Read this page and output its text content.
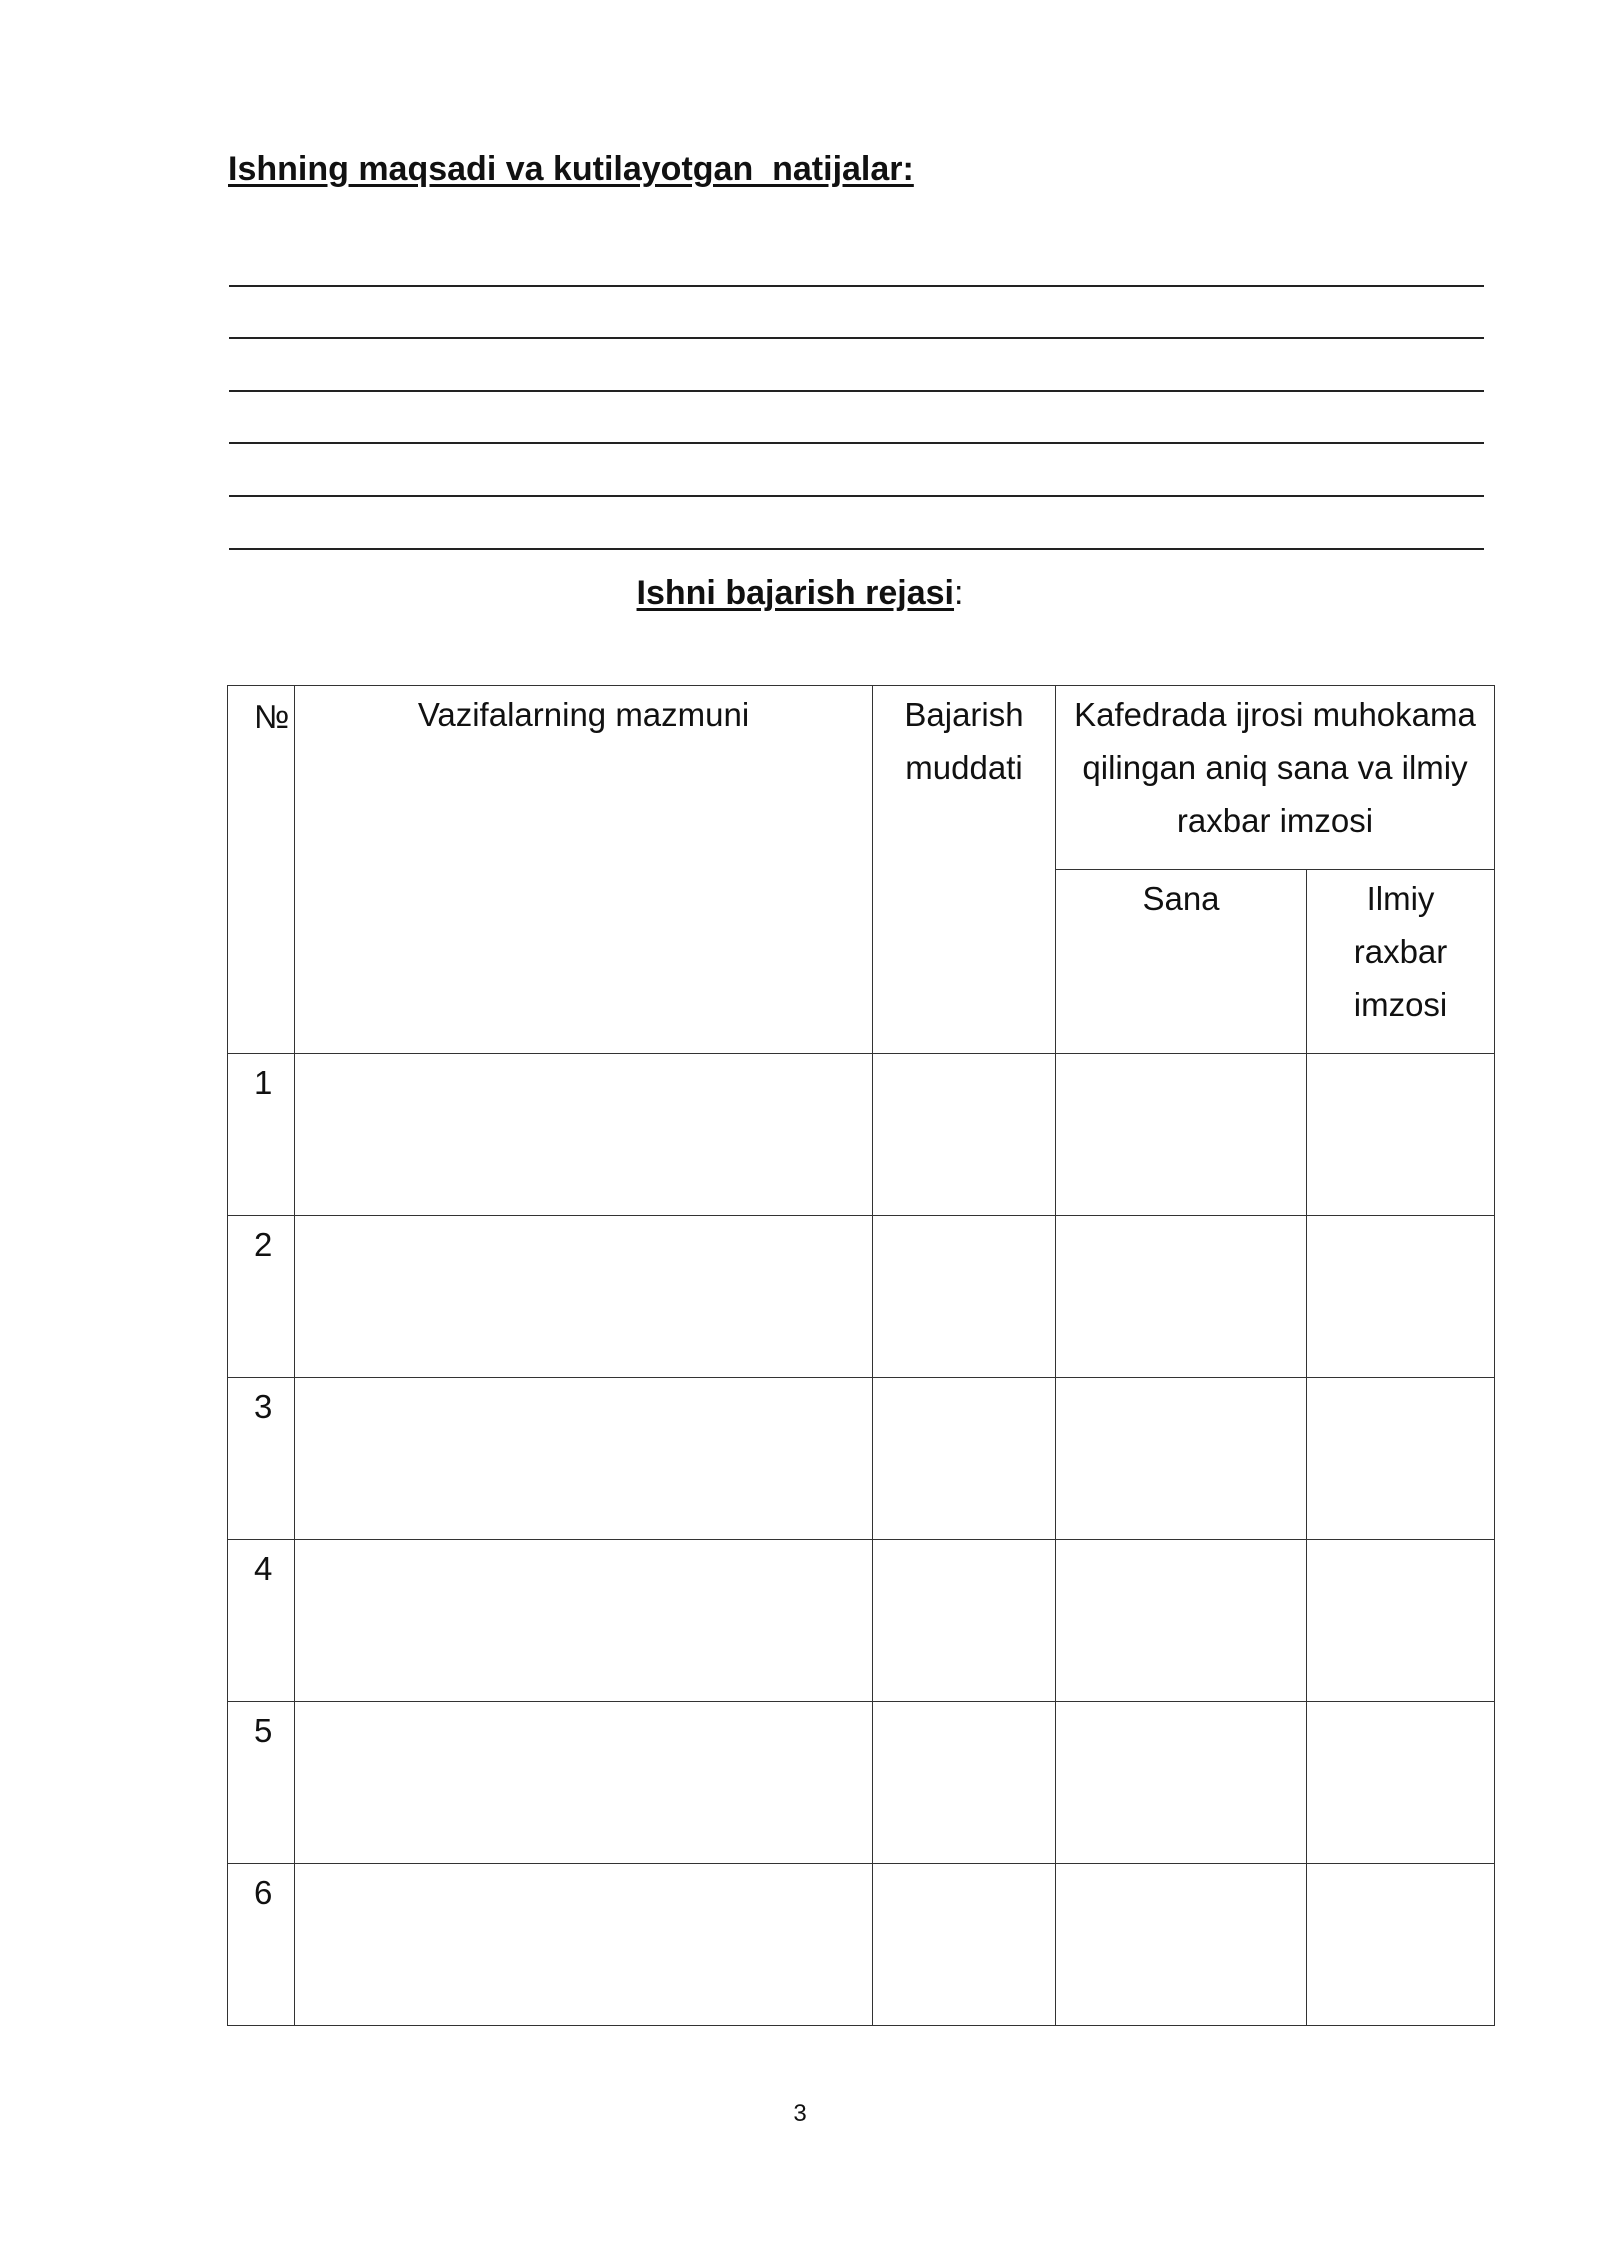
Ishning maqsadi va kutilayotgan  natijalar:
Ishni bajarish rejasi:
№	Vazifalarning mazmuni	Bajarish muddati	Kafedrada ijrosi muhokama qilingan aniq sana va ilmiy raxbar imzosi	

			Sana	Ilmiy raxbar imzosi

1				
2				
3				
4				
5				
6				
3
